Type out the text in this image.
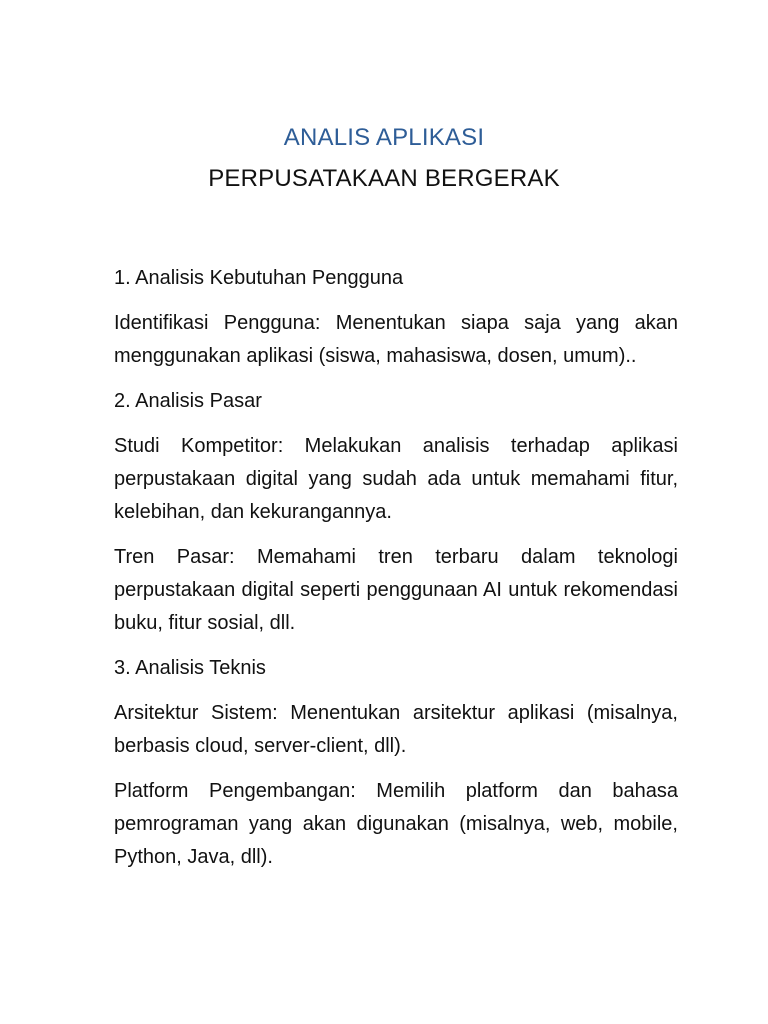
ANALIS APLIKASI
PERPUSATAKAAN BERGERAK

1. Analisis Kebutuhan Pengguna

Identifikasi Pengguna: Menentukan siapa saja yang akan menggunakan aplikasi (siswa, mahasiswa, dosen, umum)..

2. Analisis Pasar

Studi Kompetitor: Melakukan analisis terhadap aplikasi perpustakaan digital yang sudah ada untuk memahami fitur, kelebihan, dan kekurangannya.

Tren Pasar: Memahami tren terbaru dalam teknologi perpustakaan digital seperti penggunaan AI untuk rekomendasi buku, fitur sosial, dll.

3. Analisis Teknis

Arsitektur Sistem: Menentukan arsitektur aplikasi (misalnya, berbasis cloud, server-client, dll).

Platform Pengembangan: Memilih platform dan bahasa pemrograman yang akan digunakan (misalnya, web, mobile, Python, Java, dll).
